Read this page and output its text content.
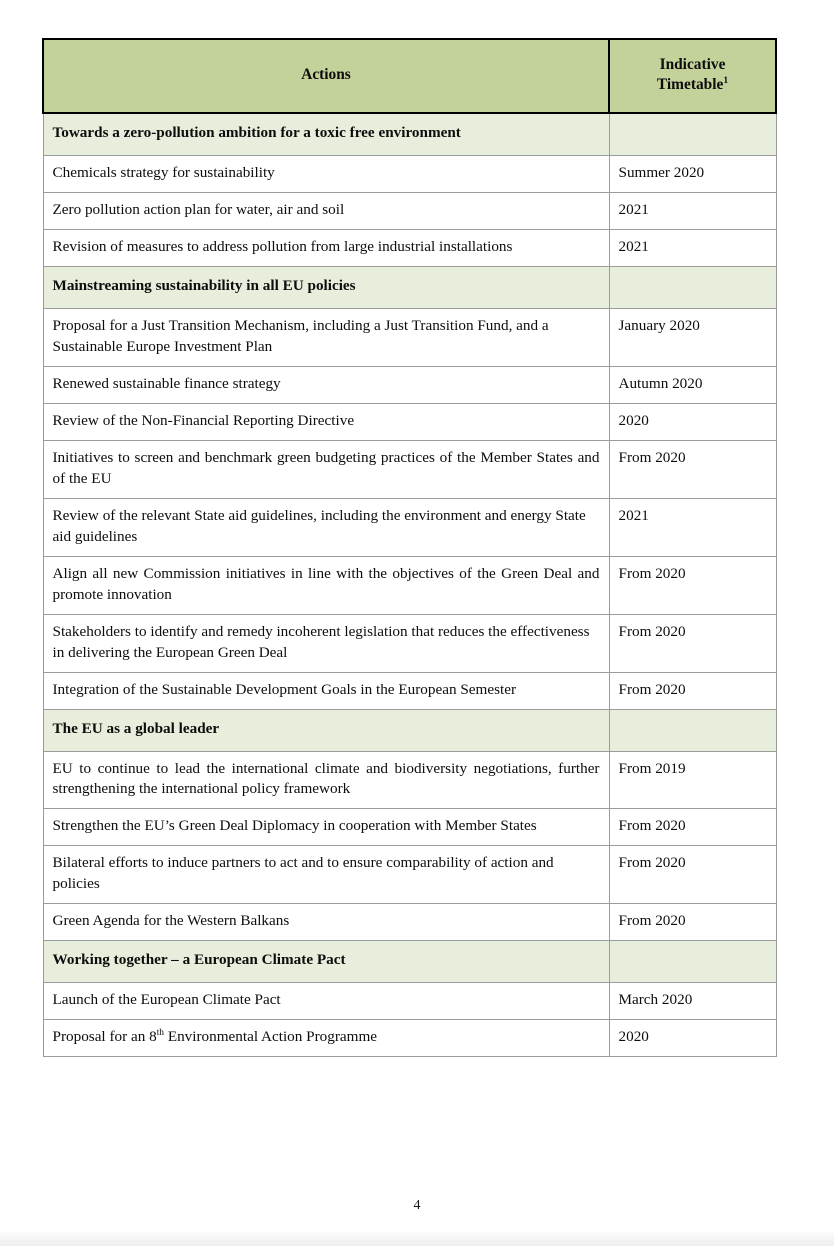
Actions	Indicative
Timetable$^1$
Towards a zero-pollution ambition for a toxic free environment	
Chemicals strategy for sustainability	Summer 2020
Zero pollution action plan for water, air and soil	2021
Revision of measures to address pollution from large industrial installations	2021
Mainstreaming sustainability in all EU policies	
Proposal for a Just Transition Mechanism, including a Just Transition Fund, and a Sustainable Europe Investment Plan	January 2020
Renewed sustainable finance strategy	Autumn 2020
Review of the Non-Financial Reporting Directive	2020
Initiatives to screen and benchmark green budgeting practices of the Member States and of the EU	From 2020
Review of the relevant State aid guidelines, including the environment and energy State aid guidelines	2021
Align all new Commission initiatives in line with the objectives of the Green Deal and promote innovation	From 2020
Stakeholders to identify and remedy incoherent legislation that reduces the effectiveness in delivering the European Green Deal	From 2020
Integration of the Sustainable Development Goals in the European Semester	From 2020
The EU as a global leader	
EU to continue to lead the international climate and biodiversity negotiations, further strengthening the international policy framework	From 2019
Strengthen the EU’s Green Deal Diplomacy in cooperation with Member States	From 2020
Bilateral efforts to induce partners to act and to ensure comparability of action and policies	From 2020
Green Agenda for the Western Balkans	From 2020
Working together – a European Climate Pact	
Launch of the European Climate Pact	March 2020
Proposal for an 8th Environmental Action Programme	2020
4
